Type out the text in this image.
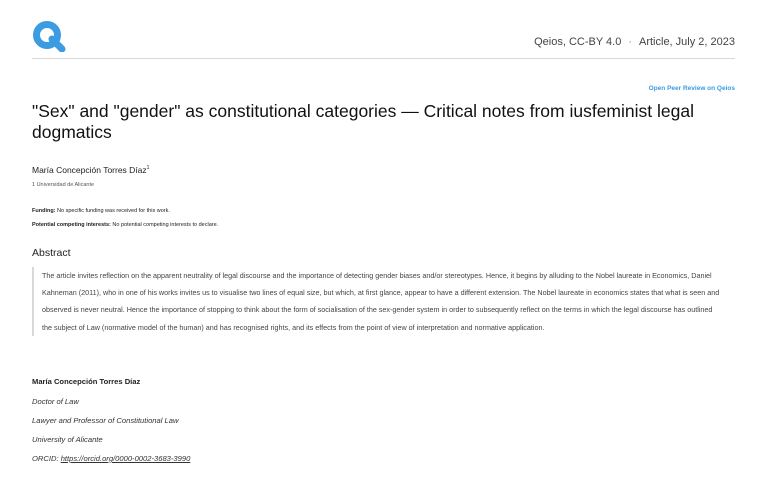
Qeios, CC-BY 4.0 · Article, July 2, 2023
Open Peer Review on Qeios
"Sex" and "gender" as constitutional categories — Critical notes from iusfeminist legal dogmatics
María Concepción Torres Díaz$^1$
1 Universidad de Alicante
Funding: No specific funding was received for this work.
Potential competing interests: No potential competing interests to declare.
Abstract

The article invites reflection on the apparent neutrality of legal discourse and the importance of detecting gender biases and/or stereotypes. Hence, it begins by alluding to the Nobel laureate in Economics, Daniel Kahneman (2011), who in one of his works invites us to visualise two lines of equal size, but which, at first glance, appear to have a different extension. The Nobel laureate in economics states that what is seen and observed is never neutral. Hence the importance of stopping to think about the form of socialisation of the sex-gender system in order to subsequently reflect on the terms in which the legal discourse has outlined the subject of Law (normative model of the human) and has recognised rights, and its effects from the point of view of interpretation and normative application.

María Concepción Torres Díaz
Doctor of Law
Lawyer and Professor of Constitutional Law
University of Alicante
ORCID: https://orcid.org/0000-0002-3683-3990
